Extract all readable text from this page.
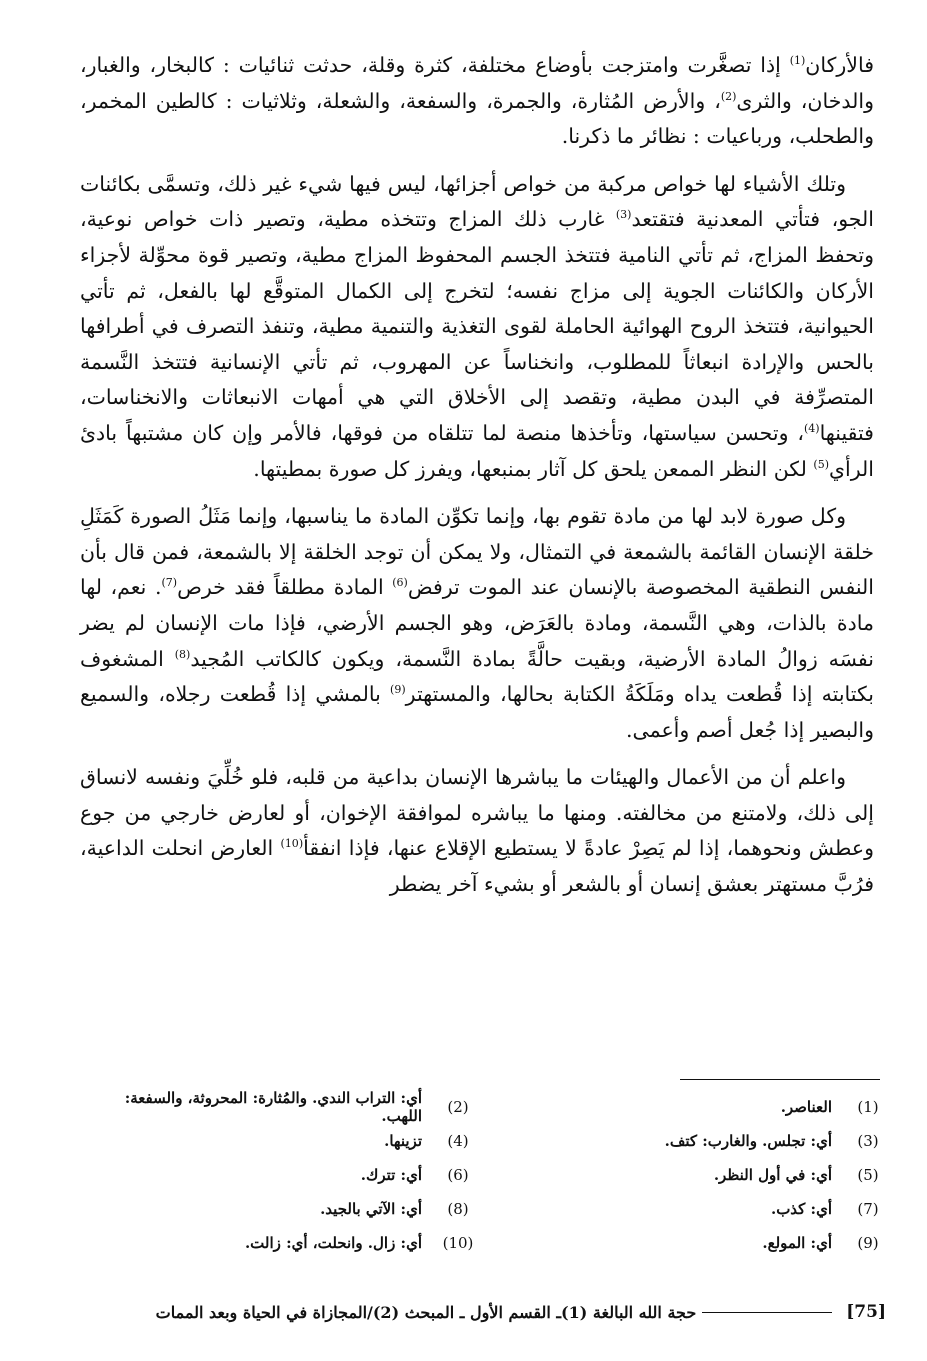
فالأركان$^{(1)}$ إذا تصغَّرت وامتزجت بأوضاع مختلفة، كثرة وقلة، حدثت ثنائيات : كالبخار، والغبار، والدخان، والثرى$^{(2)}$، والأرض المُثارة، والجمرة، والسفعة، والشعلة، وثلاثيات : كالطين المخمر، والطحلب، ورباعيات : نظائر ما ذكرنا.

وتلك الأشياء لها خواص مركبة من خواص أجزائها، ليس فيها شيء غير ذلك، وتسمَّى بكائنات الجو، فتأتي المعدنية فتقتعد$^{(3)}$ غارب ذلك المزاج وتتخذه مطية، وتصير ذات خواص نوعية، وتحفظ المزاج، ثم تأتي النامية فتتخذ الجسم المحفوظ المزاج مطية، وتصير قوة محوِّلة لأجزاء الأركان والكائنات الجوية إلى مزاج نفسه؛ لتخرج إلى الكمال المتوقَّع لها بالفعل، ثم تأتي الحيوانية، فتتخذ الروح الهوائية الحاملة لقوى التغذية والتنمية مطية، وتنفذ التصرف في أطرافها بالحس والإرادة انبعاثاً للمطلوب، وانخناساً عن المهروب، ثم تأتي الإنسانية فتتخذ النَّسمة المتصرِّفة في البدن مطية، وتقصد إلى الأخلاق التي هي أمهات الانبعاثات والانخناسات، فتقينها$^{(4)}$، وتحسن سياستها، وتأخذها منصة لما تتلقاه من فوقها، فالأمر وإن كان مشتبهاً بادئ الرأي$^{(5)}$ لكن النظر الممعن يلحق كل آثار بمنبعها، ويفرز كل صورة بمطيتها.

وكل صورة لابد لها من مادة تقوم بها، وإنما تكوِّن المادة ما يناسبها، وإنما مَثَلُ الصورة كَمَثَلِ خلقة الإنسان القائمة بالشمعة في التمثال، ولا يمكن أن توجد الخلقة إلا بالشمعة، فمن قال بأن النفس النطقية المخصوصة بالإنسان عند الموت ترفض$^{(6)}$ المادة مطلقاً فقد خرص$^{(7)}$. نعم، لها مادة بالذات، وهي النَّسمة، ومادة بالعَرَض، وهو الجسم الأرضي، فإذا مات الإنسان لم يضر نفسَه زوالُ المادة الأرضية، وبقيت حالَّةً بمادة النَّسمة، ويكون كالكاتب المُجيد$^{(8)}$ المشغوف بكتابته إذا قُطعت يداه ومَلَكَةُ الكتابة بحالها، والمستهتر$^{(9)}$ بالمشي إذا قُطعت رجلاه، والسميع والبصير إذا جُعل أصم وأعمى.

واعلم أن من الأعمال والهيئات ما يباشرها الإنسان بداعية من قلبه، فلو خُلِّيَ ونفسه لانساق إلى ذلك، ولامتنع من مخالفته. ومنها ما يباشره لموافقة الإخوان، أو لعارض خارجي من جوع وعطش ونحوهما، إذا لم يَصِرْ عادةً لا يستطيع الإقلاع عنها، فإذا انفقأ$^{(10)}$ العارض انحلت الداعية، فرُبَّ مستهتر بعشق إنسان أو بالشعر أو بشيء آخر يضطر

(1)
العناصر.
(2)
أي: التراب الندي. والمُثارة: المحروثة، والسفعة: اللهب.
(3)
أي: تجلس. والغارب: كتف.
(4)
تزينها.
(5)
أي: في أول النظر.
(6)
أي: تترك.
(7)
أي: كذب.
(8)
أي: الآتي بالجيد.
(9)
أي: المولع.
(10)
أي: زال. وانحلت، أي: زالت.
[75]
حجة الله البالغة (1)ـ القسم الأول ـ المبحث (2)/المجازاة في الحياة وبعد الممات
